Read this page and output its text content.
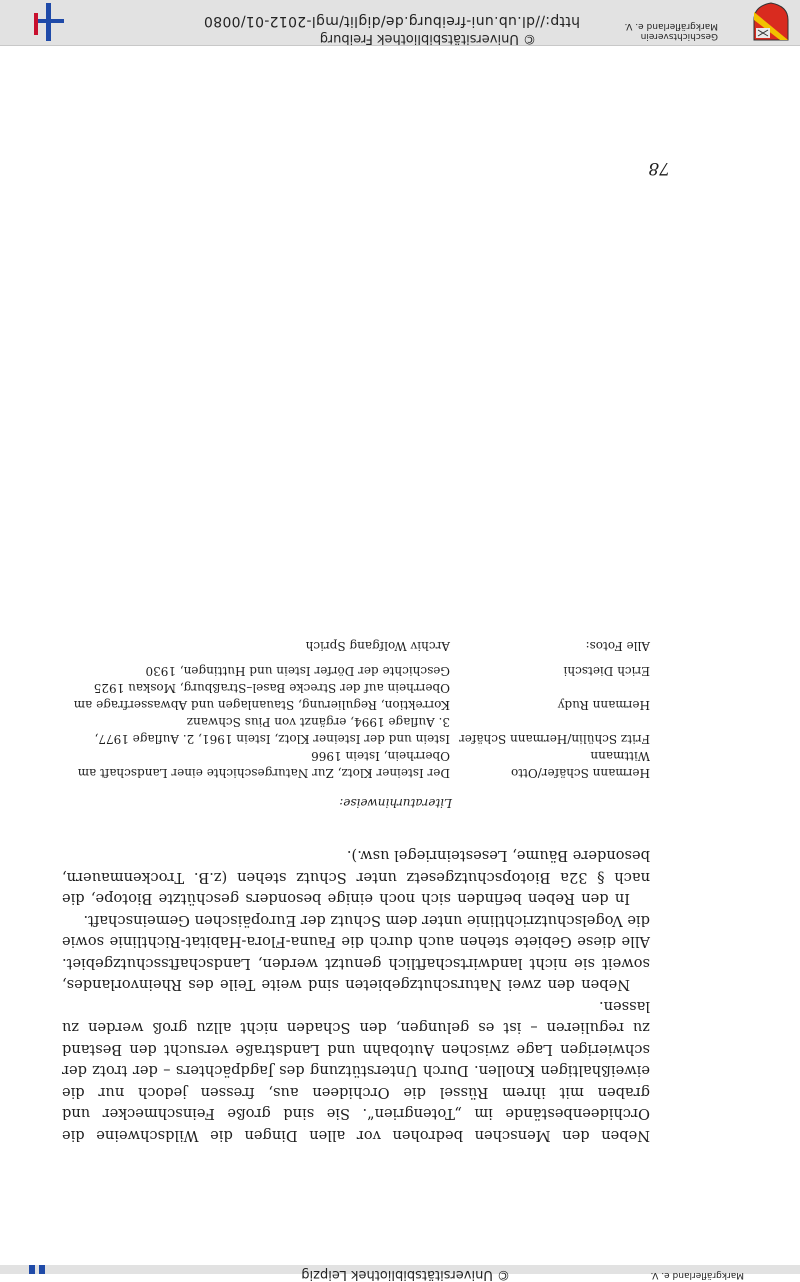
© Universitätsbibliothek Leipzig	Markgräflerland e. V.
78

Neben den Menschen bedrohen vor allen Dingen die Wildschweine die Orchideenbestände im „Totengrien“. Sie sind große Feinschmecker und graben mit ihrem Rüssel die Orchideen aus, fressen jedoch nur die eiweißhaltigen Knollen. Durch Unterstützung des Jagdpächters – der trotz der schwierigen Lage zwischen Autobahn und Landstraße versucht den Bestand zu regulieren – ist es gelungen, den Schaden nicht allzu groß werden zu lassen.

Neben den zwei Naturschutzgebieten sind weite Teile des Rheinvorlandes, soweit sie nicht landwirtschaftlich genutzt werden, Landschaftsschutzgebiet. Alle diese Gebiete stehen auch durch die Fauna-Flora-Habitat-Richtlinie sowie die Vogelschutzrichtlinie unter dem Schutz der Europäischen Gemeinschaft.

In den Reben befinden sich noch einige besonders geschützte Biotope, die nach § 32a Biotopschutzgesetz unter Schutz stehen (z.B. Trockenmauern, besondere Bäume, Lesesteinriegel usw.).

Literaturhinweise:
Hermann Schäfer/Otto Wittmann
Der Isteiner Klotz, Zur Naturgeschichte einer Landschaft am
Oberrhein, Istein 1966
Fritz Schülin/Hermann Schäfer
Istein und der Isteiner Klotz, Istein 1961, 2. Auflage 1977,
3. Auflage 1994, ergänzt von Pius Schwanz
Hermann Rudy
Korrektion, Regulierung, Stauanlagen und Abwasserfrage am
Oberrhein auf der Strecke Basel–Straßburg, Moskau 1925
Erich Dietschi
Geschichte der Dörfer Istein und Huttingen, 1930
Alle Fotos:
Archiv Wolfgang Sprich
Geschichtsverein
Markgräflerland e. V.
© Universitätsbibliothek Freiburg
http://dl.ub.uni-freiburg.de/diglit/mgl-2012-01/0080
